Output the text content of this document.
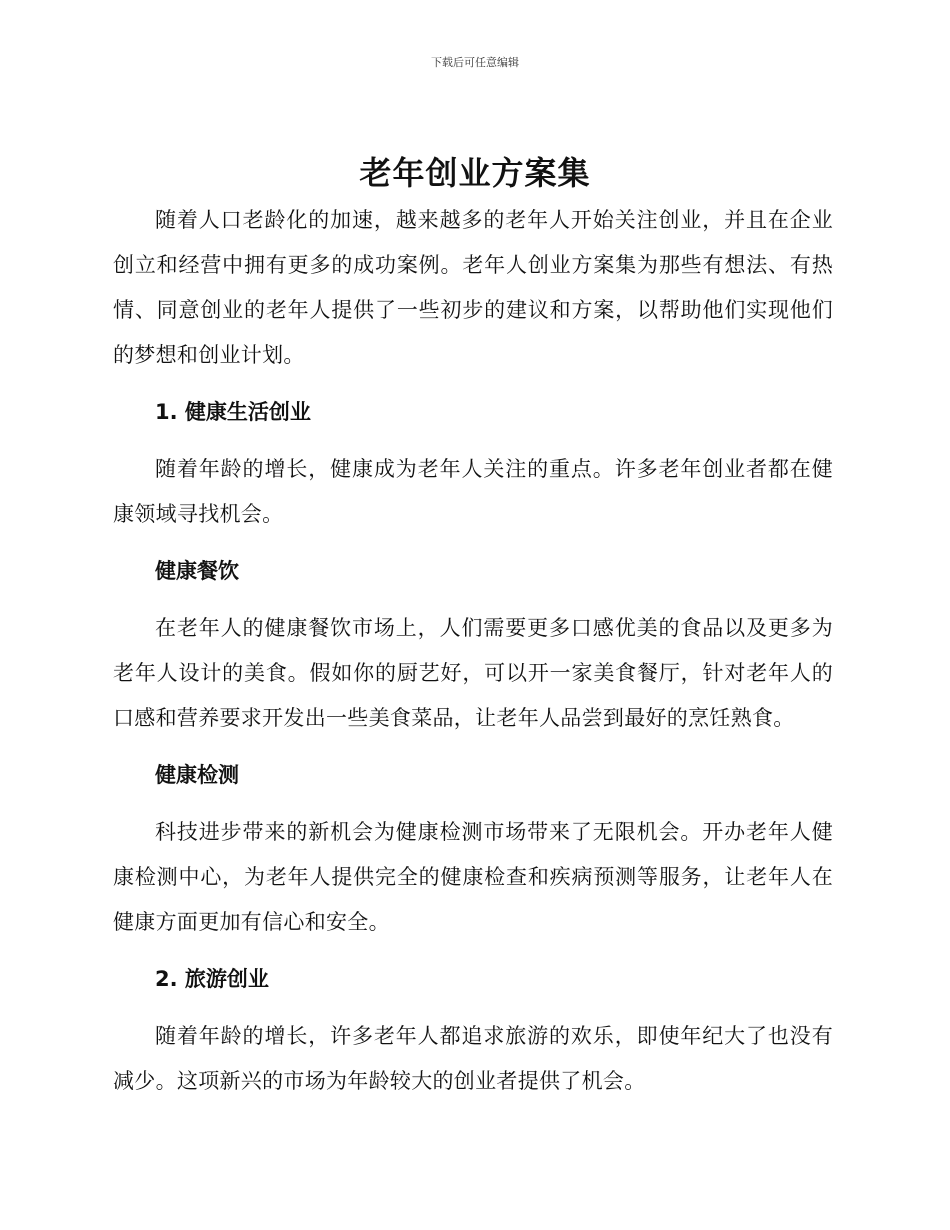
下载后可任意编辑
老年创业方案集

随着人口老龄化的加速，越来越多的老年人开始关注创业，并且在企业创立和经营中拥有更多的成功案例。老年人创业方案集为那些有想法、有热情、同意创业的老年人提供了一些初步的建议和方案，以帮助他们实现他们的梦想和创业计划。

1. 健康生活创业

随着年龄的增长，健康成为老年人关注的重点。许多老年创业者都在健康领域寻找机会。

健康餐饮

在老年人的健康餐饮市场上，人们需要更多口感优美的食品以及更多为老年人设计的美食。假如你的厨艺好，可以开一家美食餐厅，针对老年人的口感和营养要求开发出一些美食菜品，让老年人品尝到最好的烹饪熟食。

健康检测

科技进步带来的新机会为健康检测市场带来了无限机会。开办老年人健康检测中心，为老年人提供完全的健康检查和疾病预测等服务，让老年人在健康方面更加有信心和安全。

2. 旅游创业

随着年龄的增长，许多老年人都追求旅游的欢乐，即使年纪大了也没有减少。这项新兴的市场为年龄较大的创业者提供了机会。
